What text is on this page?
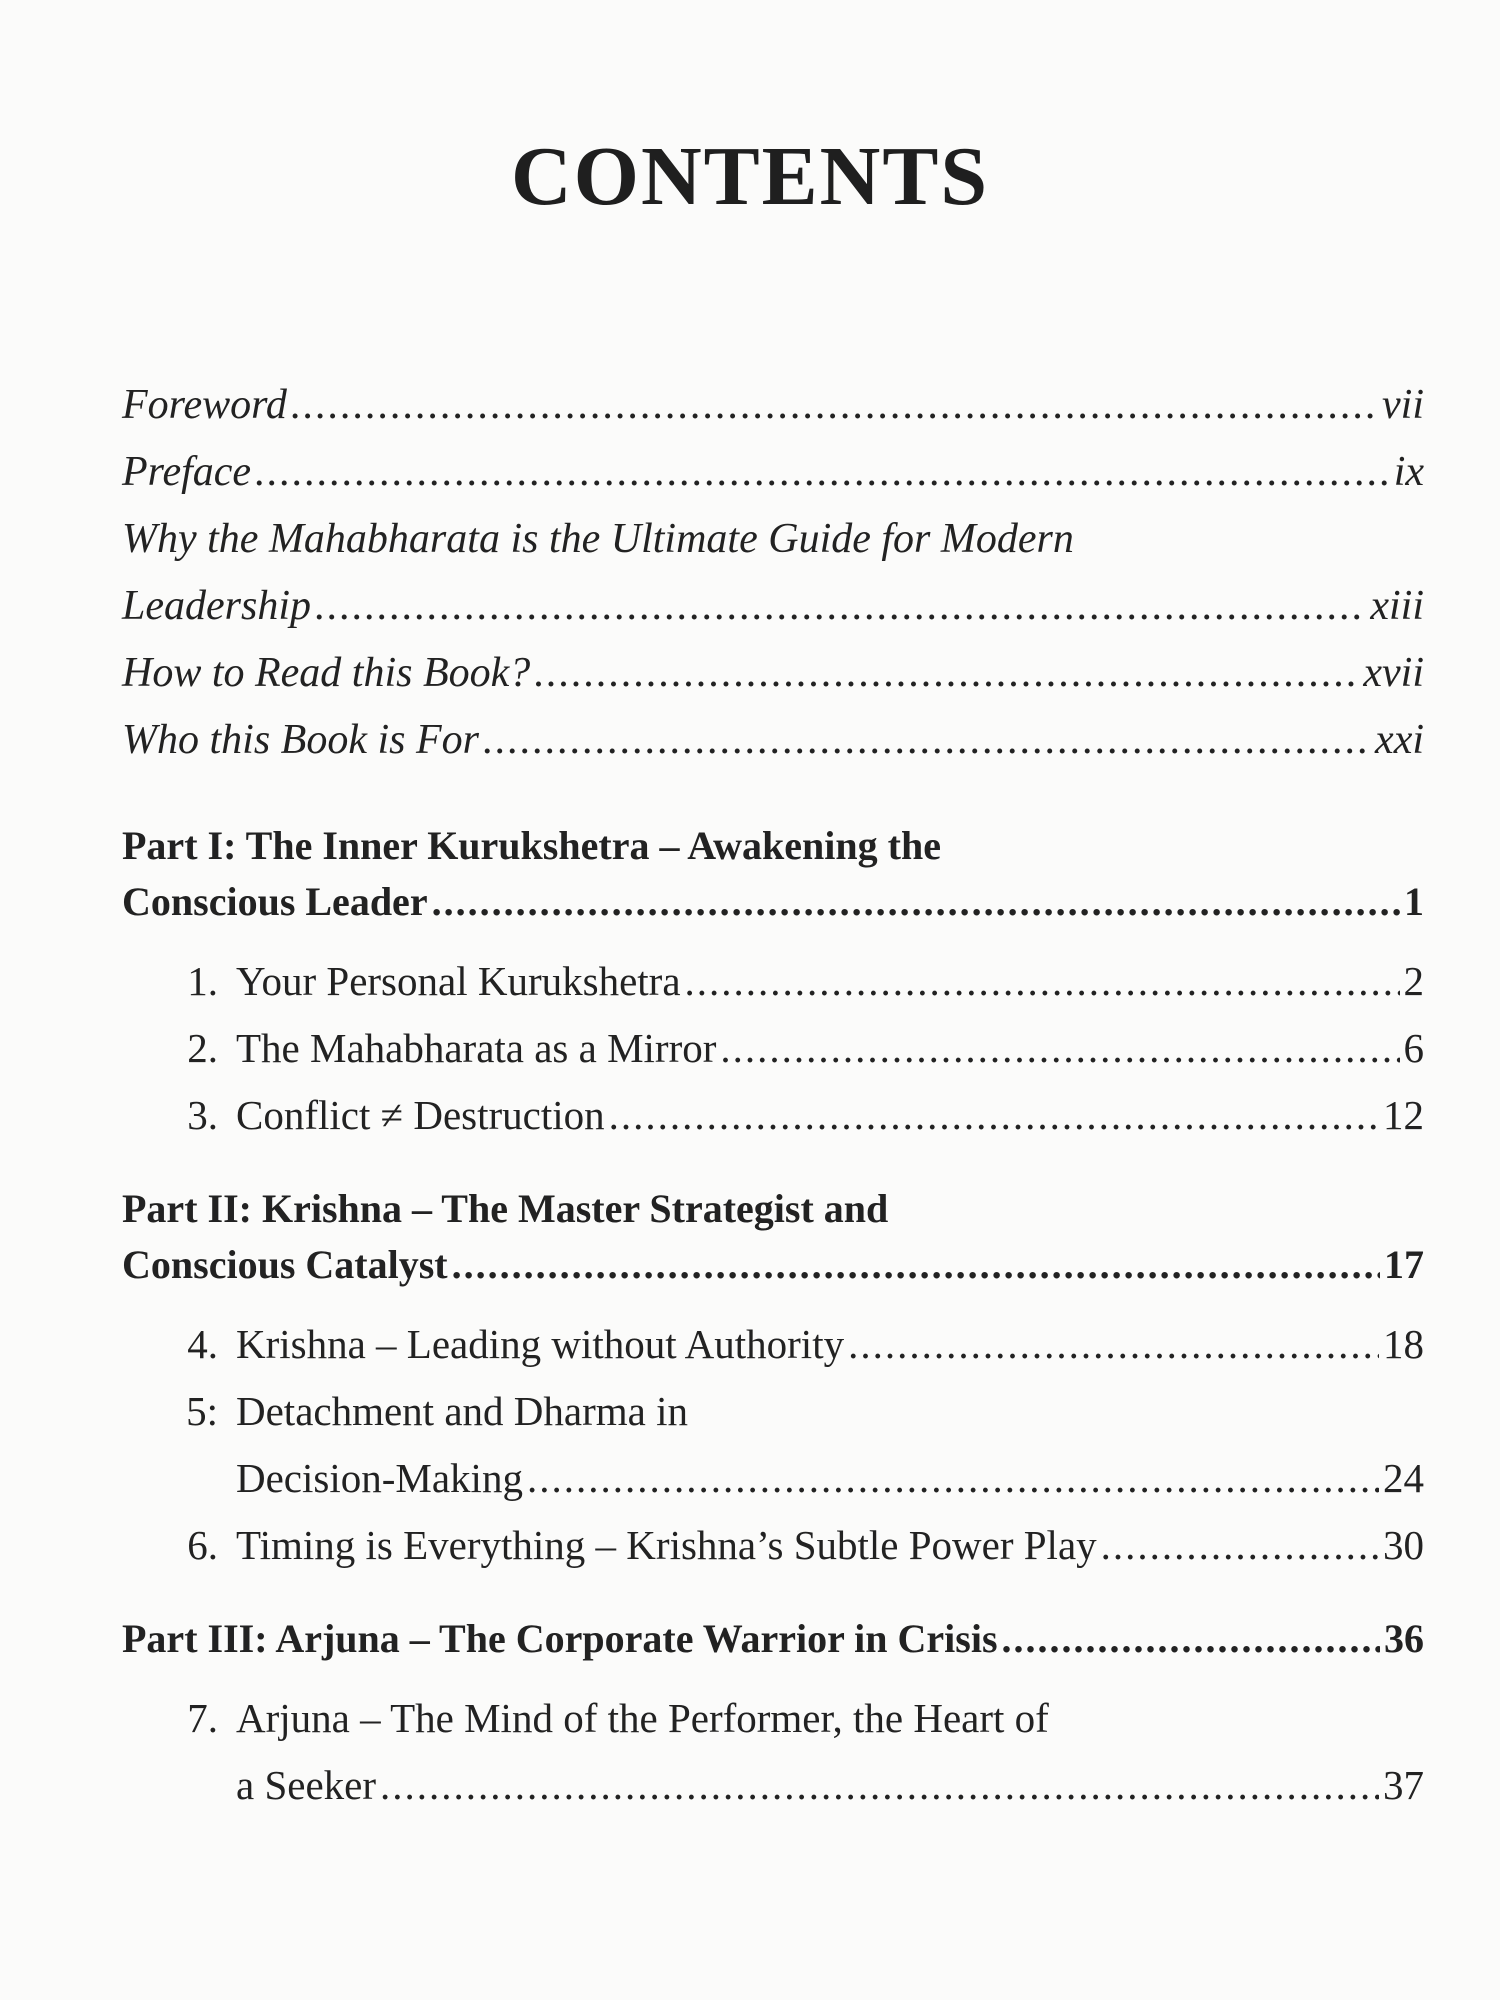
CONTENTS
Foreword .....	vii
Preface .....	ix
Why the Mahabharata is the Ultimate Guide for Modern
Leadership .....	xiii
How to Read this Book? .....	xvii
Who this Book is For .....	xxi
Part I: The Inner Kurukshetra – Awakening the
Conscious Leader .....	1
1. Your Personal Kurukshetra .....	2
2. The Mahabharata as a Mirror .....	6
3. Conflict ≠ Destruction .....	12
Part II: Krishna – The Master Strategist and
Conscious Catalyst .....	17
4. Krishna – Leading without Authority .....	18
5: Detachment and Dharma in
Decision-Making .....	24
6. Timing is Everything – Krishna’s Subtle Power Play .....	30
Part III: Arjuna – The Corporate Warrior in Crisis .....	36
7. Arjuna – The Mind of the Performer, the Heart of
a Seeker .....	37
